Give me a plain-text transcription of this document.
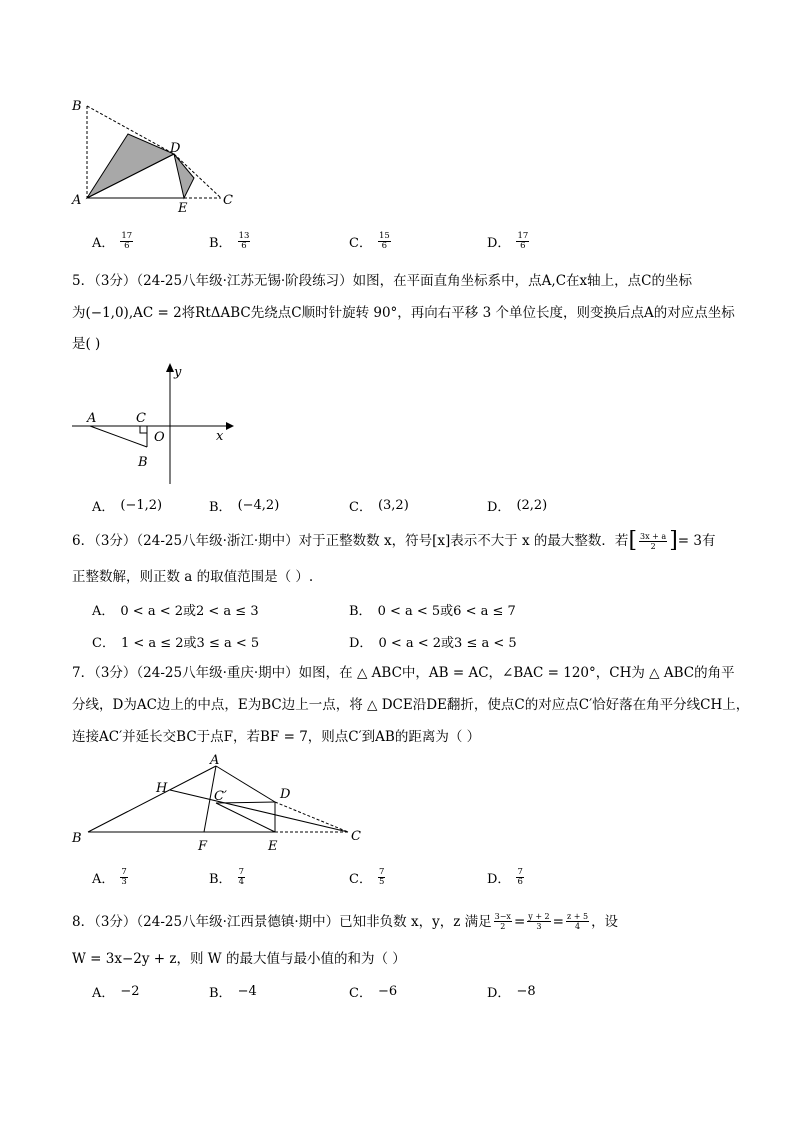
B
D
A
E
C
A． $\frac{17}{6}$	B． $\frac{13}{6}$	C． $\frac{15}{6}$	D． $\frac{17}{6}$
5．（3分）（24-25八年级·江苏无锡·阶段练习）如图，在平面直角坐标系中，点A,C在x轴上，点C的坐标
为(−1,0),AC = 2将RtΔABC先绕点C顺时针旋转 90°，再向右平移 3 个单位长度，则变换后点A的对应点坐标
是( )
y
A	C
O	x
B
A． (−1,2)	B． (−4,2)	C． (3,2)	D． (2,2)
6．（3分）（24-25八年级·浙江·期中）对于正整数数 x，符号[x]表示不大于 x 的最大整数．若 [ $\frac{3x + a}{2}$ ] = 3有
正整数解，则正数 a 的取值范围是（ ）.
A． 0 < a < 2或2 < a ≤ 3	B． 0 < a < 5或6 < a ≤ 7
C． 1 < a ≤ 2或3 ≤ a < 5	D． 0 < a < 2或3 ≤ a < 5
7．（3分）（24-25八年级·重庆·期中）如图，在 △ ABC中，AB = AC，∠BAC = 120°，CH为 △ ABC的角平
分线，D为AC边上的中点，E为BC边上一点，将 △ DCE沿DE翻折，使点C的对应点C′恰好落在角平分线CH上，
连接AC′并延长交BC于点F，若BF = 7，则点C′到AB的距离为（ ）
A
H
C′	D
B
F	E
C
A． $\frac{7}{3}$	B． $\frac{7}{4}$	C． $\frac{7}{5}$	D． $\frac{7}{6}$
8．（3分）（24-25八年级·江西景德镇·期中）已知非负数 x，y，z 满足 $\frac{3-x}{2} = \frac{y + 2}{3} = \frac{z + 5}{4}$ ，设
W = 3x−2y + z，则 W 的最大值与最小值的和为（ ）
A． −2	B． −4	C． −6	D． −8
